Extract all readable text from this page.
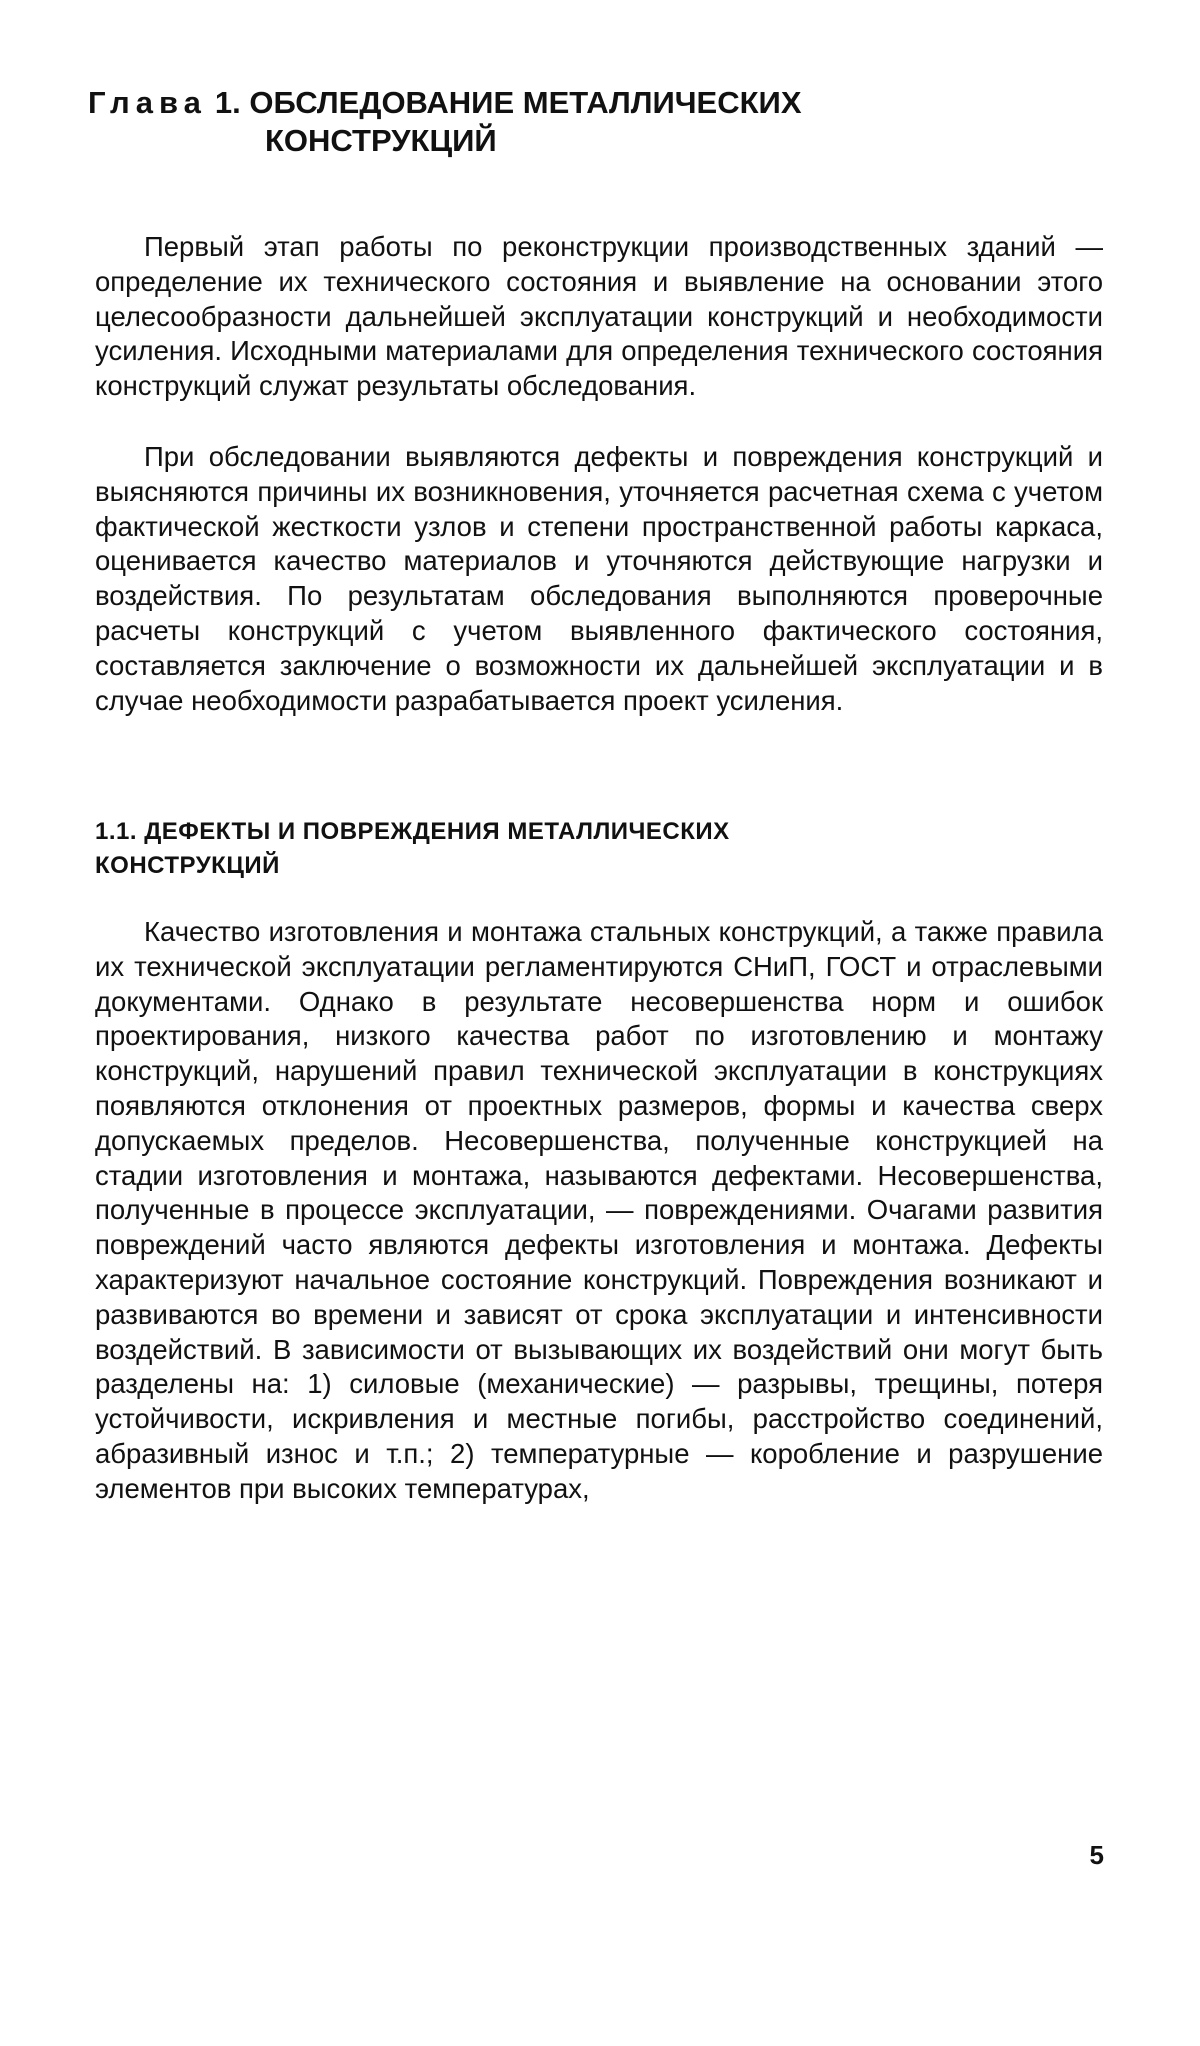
Глава 1. ОБСЛЕДОВАНИЕ МЕТАЛЛИЧЕСКИХ
КОНСТРУКЦИЙ

Первый этап работы по реконструкции производственных зданий — определение их технического состояния и выявление на основании этого целесообразности дальнейшей эксплуатации конструкций и необходимости усиления. Исходными материалами для определения технического состояния конструкций служат результаты обследования.

При обследовании выявляются дефекты и повреждения конструкций и выясняются причины их возникновения, уточняется расчетная схема с учетом фактической жесткости узлов и степени пространственной работы каркаса, оценивается качество материалов и уточняются действующие нагрузки и воздействия. По результатам обследования выполняются проверочные расчеты конструкций с учетом выявленного фактического состояния, составляется заключение о возможности их дальнейшей эксплуатации и в случае необходимости разрабатывается проект усиления.

1.1. ДЕФЕКТЫ И ПОВРЕЖДЕНИЯ МЕТАЛЛИЧЕСКИХ
КОНСТРУКЦИЙ

Качество изготовления и монтажа стальных конструкций, а также правила их технической эксплуатации регламентируются СНиП, ГОСТ и отраслевыми документами. Однако в результате несовершенства норм и ошибок проектирования, низкого качества работ по изготовлению и монтажу конструкций, нарушений правил технической эксплуатации в конструкциях появляются отклонения от проектных размеров, формы и качества сверх допускаемых пределов. Несовершенства, полученные конструкцией на стадии изготовления и монтажа, называются дефектами. Несовершенства, полученные в процессе эксплуатации, — повреждениями. Очагами развития повреждений часто являются дефекты изготовления и монтажа. Дефекты характеризуют начальное состояние конструкций. Повреждения возникают и развиваются во времени и зависят от срока эксплуатации и интенсивности воздействий. В зависимости от вызывающих их воздействий они могут быть разделены на: 1) силовые (механические) — разрывы, трещины, потеря устойчивости, искривления и местные погибы, расстройство соединений, абразивный износ и т.п.; 2) температурные — коробление и разрушение элементов при высоких температурах,

5
